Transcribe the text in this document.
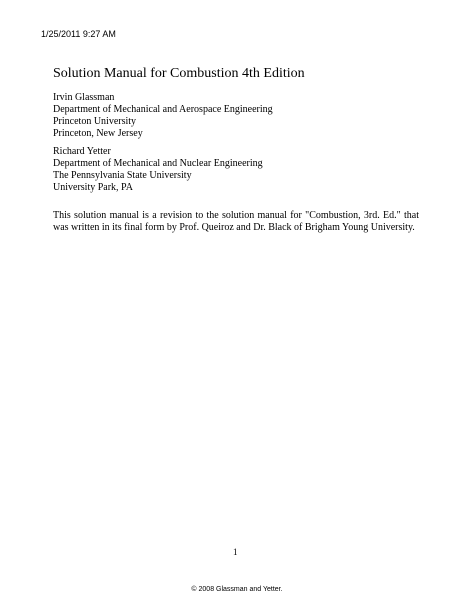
1/25/2011 9:27 AM
Solution Manual for Combustion 4th Edition
Irvin Glassman
Department of Mechanical and Aerospace Engineering
Princeton University
Princeton, New Jersey
Richard Yetter
Department of Mechanical and Nuclear Engineering
The Pennsylvania State University
University Park, PA

This solution manual is a revision to the solution manual for "Combustion, 3rd. Ed." that was written in its final form by Prof. Queiroz and Dr. Black of Brigham Young University.

1
© 2008 Glassman and Yetter.
